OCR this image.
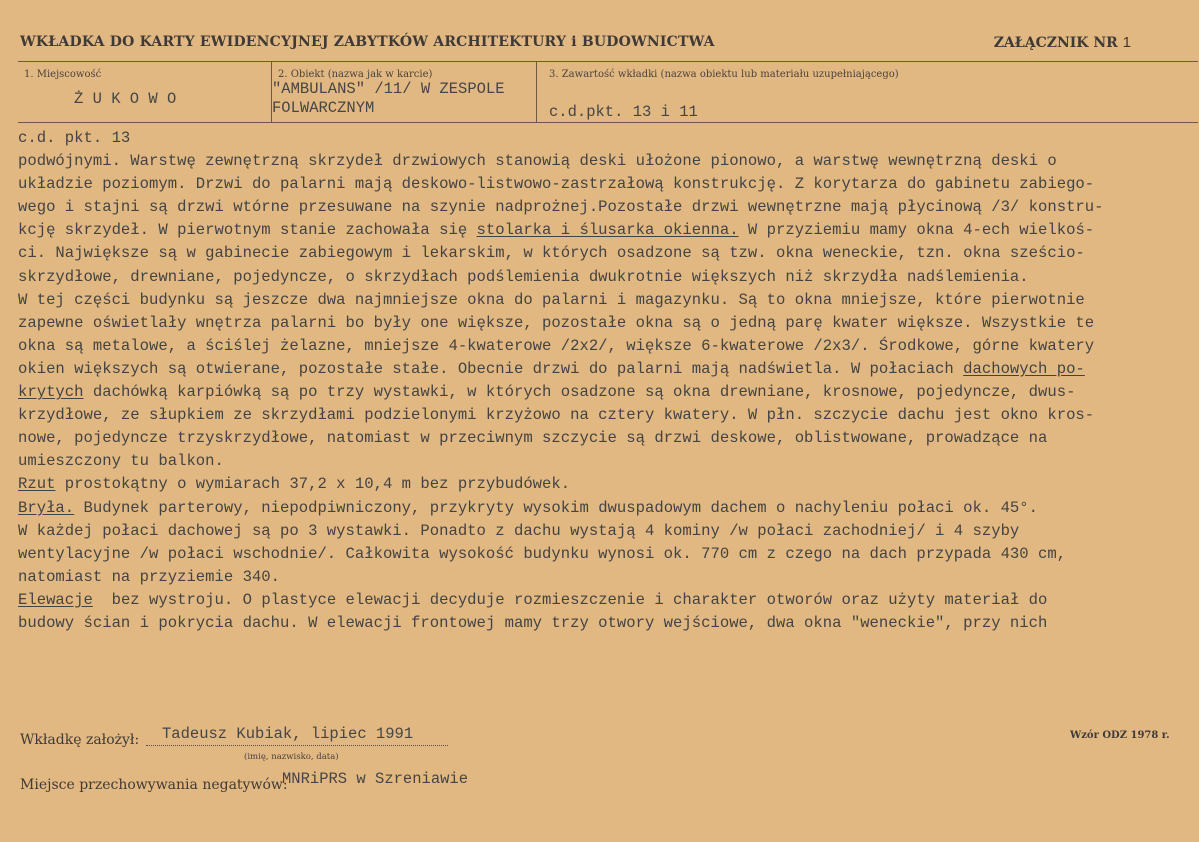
WKŁADKA DO KARTY EWIDENCYJNEJ ZABYTKÓW ARCHITEKTURY i BUDOWNICTWA	ZAŁĄCZNIK NR 1
1. Miejscowość
Ż U K O W O
2. Obiekt (nazwa jak w karcie)
"AMBULANS" /11/ W ZESPOLE
FOLWARCZNYM
3. Zawartość wkładki (nazwa obiektu lub materiału uzupełniającego)
c.d.pkt. 13 i 11
c.d. pkt. 13
podwójnymi. Warstwę zewnętrzną skrzydeł drzwiowych stanowią deski ułożone pionowo, a warstwę wewnętrzną deski o
układzie poziomym. Drzwi do palarni mają deskowo-listwowo-zastrzałową konstrukcję. Z korytarza do gabinetu zabiego-
wego i stajni są drzwi wtórne przesuwane na szynie nadprożnej.Pozostałe drzwi wewnętrzne mają płycinową /3/ konstru-
kcję skrzydeł. W pierwotnym stanie zachowała się stolarka i ślusarka okienna. W przyziemiu mamy okna 4-ech wielkoś-
ci. Największe są w gabinecie zabiegowym i lekarskim, w których osadzone są tzw. okna weneckie, tzn. okna sześcio-
skrzydłowe, drewniane, pojedyncze, o skrzydłach podślemienia dwukrotnie większych niż skrzydła nadślemienia.
W tej części budynku są jeszcze dwa najmniejsze okna do palarni i magazynku. Są to okna mniejsze, które pierwotnie
zapewne oświetlały wnętrza palarni bo były one większe, pozostałe okna są o jedną parę kwater większe. Wszystkie te
okna są metalowe, a ściślej żelazne, mniejsze 4-kwaterowe /2x2/, większe 6-kwaterowe /2x3/. Środkowe, górne kwatery
okien większych są otwierane, pozostałe stałe. Obecnie drzwi do palarni mają nadświetla. W połaciach dachowych po-
krytych dachówką karpiówką są po trzy wystawki, w których osadzone są okna drewniane, krosnowe, pojedyncze, dwus-
krzydłowe, ze słupkiem ze skrzydłami podzielonymi krzyżowo na cztery kwatery. W płn. szczycie dachu jest okno kros-
nowe, pojedyncze trzyskrzydłowe, natomiast w przeciwnym szczycie są drzwi deskowe, oblistwowane, prowadzące na
umieszczony tu balkon.
Rzut prostokątny o wymiarach 37,2 x 10,4 m bez przybudówek.
Bryła. Budynek parterowy, niepodpiwniczony, przykryty wysokim dwuspadowym dachem o nachyleniu połaci ok. 45°.
W każdej połaci dachowej są po 3 wystawki. Ponadto z dachu wystają 4 kominy /w połaci zachodniej/ i 4 szyby
wentylacyjne /w połaci wschodnie/. Całkowita wysokość budynku wynosi ok. 770 cm z czego na dach przypada 430 cm,
natomiast na przyziemie 340.
Elewacje  bez wystroju. O plastyce elewacji decyduje rozmieszczenie i charakter otworów oraz użyty materiał do
budowy ścian i pokrycia dachu. W elewacji frontowej mamy trzy otwory wejściowe, dwa okna "weneckie", przy nich
Wkładkę założył: Tadeusz Kubiak, lipiec 1991
(imię, nazwisko, data)
Miejsce przechowywania negatywów:
MNRiPRS w Szreniawie
Wzór ODZ 1978 r.
